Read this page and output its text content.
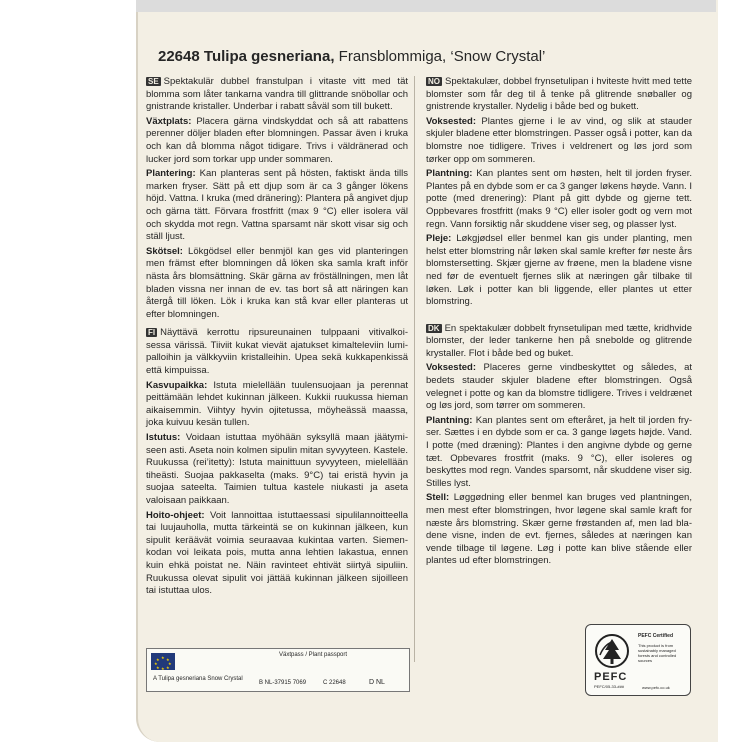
22648 Tulipa gesneriana, Fransblommiga, ‘Snow Crystal’

SE Spektakulär dubbel franstulpan i vitaste vitt med tät blomma som låter tankarna vandra till glittrande snöbollar och gnistrande kristaller. Underbar i rabatt såväl som till bukett.

Växtplats: Placera gärna vindskyddat och så att rabattens perenner döljer bladen efter blomningen. Passar även i kruka och kan då blomma något tidigare. Trivs i väldränerad och lucker jord som torkar upp under sommaren.

Plantering: Kan planteras sent på hösten, faktiskt ända tills marken fryser. Sätt på ett djup som är ca 3 gånger lökens höjd. Vattna. I kruka (med dränering): Plantera på angivet djup och gärna tätt. Förvara frostfritt (max 9 °C) eller isolera väl och skydda mot regn. Vattna sparsamt när skott visar sig och ställ ljust.

Skötsel: Lökgödsel eller benmjöl kan ges vid planteringen men främst efter blomningen då löken ska samla kraft inför nästa års blomsättning. Skär gärna av fröställningen, men låt bladen vissna ner innan de ev. tas bort så att näringen kan återgå till löken. Lök i kruka kan stå kvar eller planteras ut efter blomningen.

FI Näyttävä kerrottu ripsureunainen tulppaani vitivalkoi- sessa värissä. Tiiviit kukat vievät ajatukset kimalteleviin lumi- palloihin ja välkkyviin kristalleihin. Upea sekä kukkapenkissä että kimpuissa.

Kasvupaikka: Istuta mielellään tuulensuojaan ja perennat peittämään lehdet kukinnan jälkeen. Kukkii ruukussa hieman aikaisemmin. Viihtyy hyvin ojitetussa, möyheässä maassa, joka kuivuu kesän tullen.

Istutus: Voidaan istuttaa myöhään syksyllä maan jäätymi- seen asti. Aseta noin kolmen sipulin mitan syvyyteen. Kastele. Ruukussa (rei’itetty): Istuta mainittuun syvyyteen, mielellään tiheästi. Suojaa pakkaselta (maks. 9°C) tai eristä hyvin ja suojaa sateelta. Taimien tultua kastele niukasti ja aseta valoisaan paikkaan.

Hoito-ohjeet: Voit lannoittaa istuttaessasi sipulilannoitteella tai luujauholla, mutta tärkeintä se on kukinnan jälkeen, kun sipulit keräävät voimia seuraavaa kukintaa varten. Siemen- kodan voi leikata pois, mutta anna lehtien lakastua, ennen kuin ehkä poistat ne. Näin ravinteet ehtivät siirtyä sipuliin. Ruukussa olevat sipulit voi jättää kukinnan jälkeen sijoilleen tai istuttaa ulos.

NO Spektakulær, dobbel frynsetulipan i hviteste hvitt med tette blomster som får deg til å tenke på glitrende snøballer og gnistrende krystaller. Nydelig i både bed og bukett.

Voksested: Plantes gjerne i le av vind, og slik at stauder skjuler bladene etter blomstringen. Passer også i potter, kan da blomstre noe tidligere. Trives i veldrenert og løs jord som tørker opp om sommeren.

Plantning: Kan plantes sent om høsten, helt til jorden fryser. Plantes på en dybde som er ca 3 ganger løkens høyde. Vann. I potte (med drenering): Plant på gitt dybde og gjerne tett. Oppbevares frostfritt (maks 9 °C) eller isoler godt og vern mot regn. Vann forsiktig når skuddene viser seg, og plasser lyst.

Pleje: Løkgjødsel eller benmel kan gis under planting, men helst etter blomstring når løken skal samle krefter før neste års blomstersetting. Skjær gjerne av frøene, men la bladene visne ned før de eventuelt fjernes slik at næringen går tilbake til løken. Løk i potter kan bli liggende, eller plantes ut etter blomstring.

DK En spektakulær dobbelt frynsetulipan med tætte, kridhvide blomster, der leder tankerne hen på snebolde og glitrende krystaller. Flot i både bed og buket.

Voksested: Placeres gerne vindbeskyttet og således, at bedets stauder skjuler bladene efter blomstringen. Også velegnet i potte og kan da blomstre tidligere. Trives i veldrænet og løs jord, som tørrer om sommeren.

Plantning: Kan plantes sent om efteråret, ja helt til jorden fry- ser. Sættes i en dybde som er ca. 3 gange løgets højde. Vand. I potte (med dræning): Plantes i den angivne dybde og gerne tæt. Opbevares frostfrit (maks. 9 °C), eller isoleres og beskyttes mod regn. Vandes sparsomt, når skuddene viser sig. Stilles lyst.

Stell: Løggødning eller benmel kan bruges ved plantningen, men mest efter blomstringen, hvor løgene skal samle kraft for næste års blomstring. Skær gerne frøstanden af, men lad bla- dene visne, inden de evt. fjernes, således at næringen kan vende tilbage til løgene. Løg i potte kan blive stående eller plantes ud efter blomstringen.

★ ★
★
★
★
★
★
★
Växtpass / Plant passport
A Tulipa gesneriana Snow Crystal
B NL-37915 7069	C 22648	D NL
PEFC Certified
This product is from sustainably managed forests and controlled sources
PEFC
PEFC/05-33-###	www.pefc.co.uk
